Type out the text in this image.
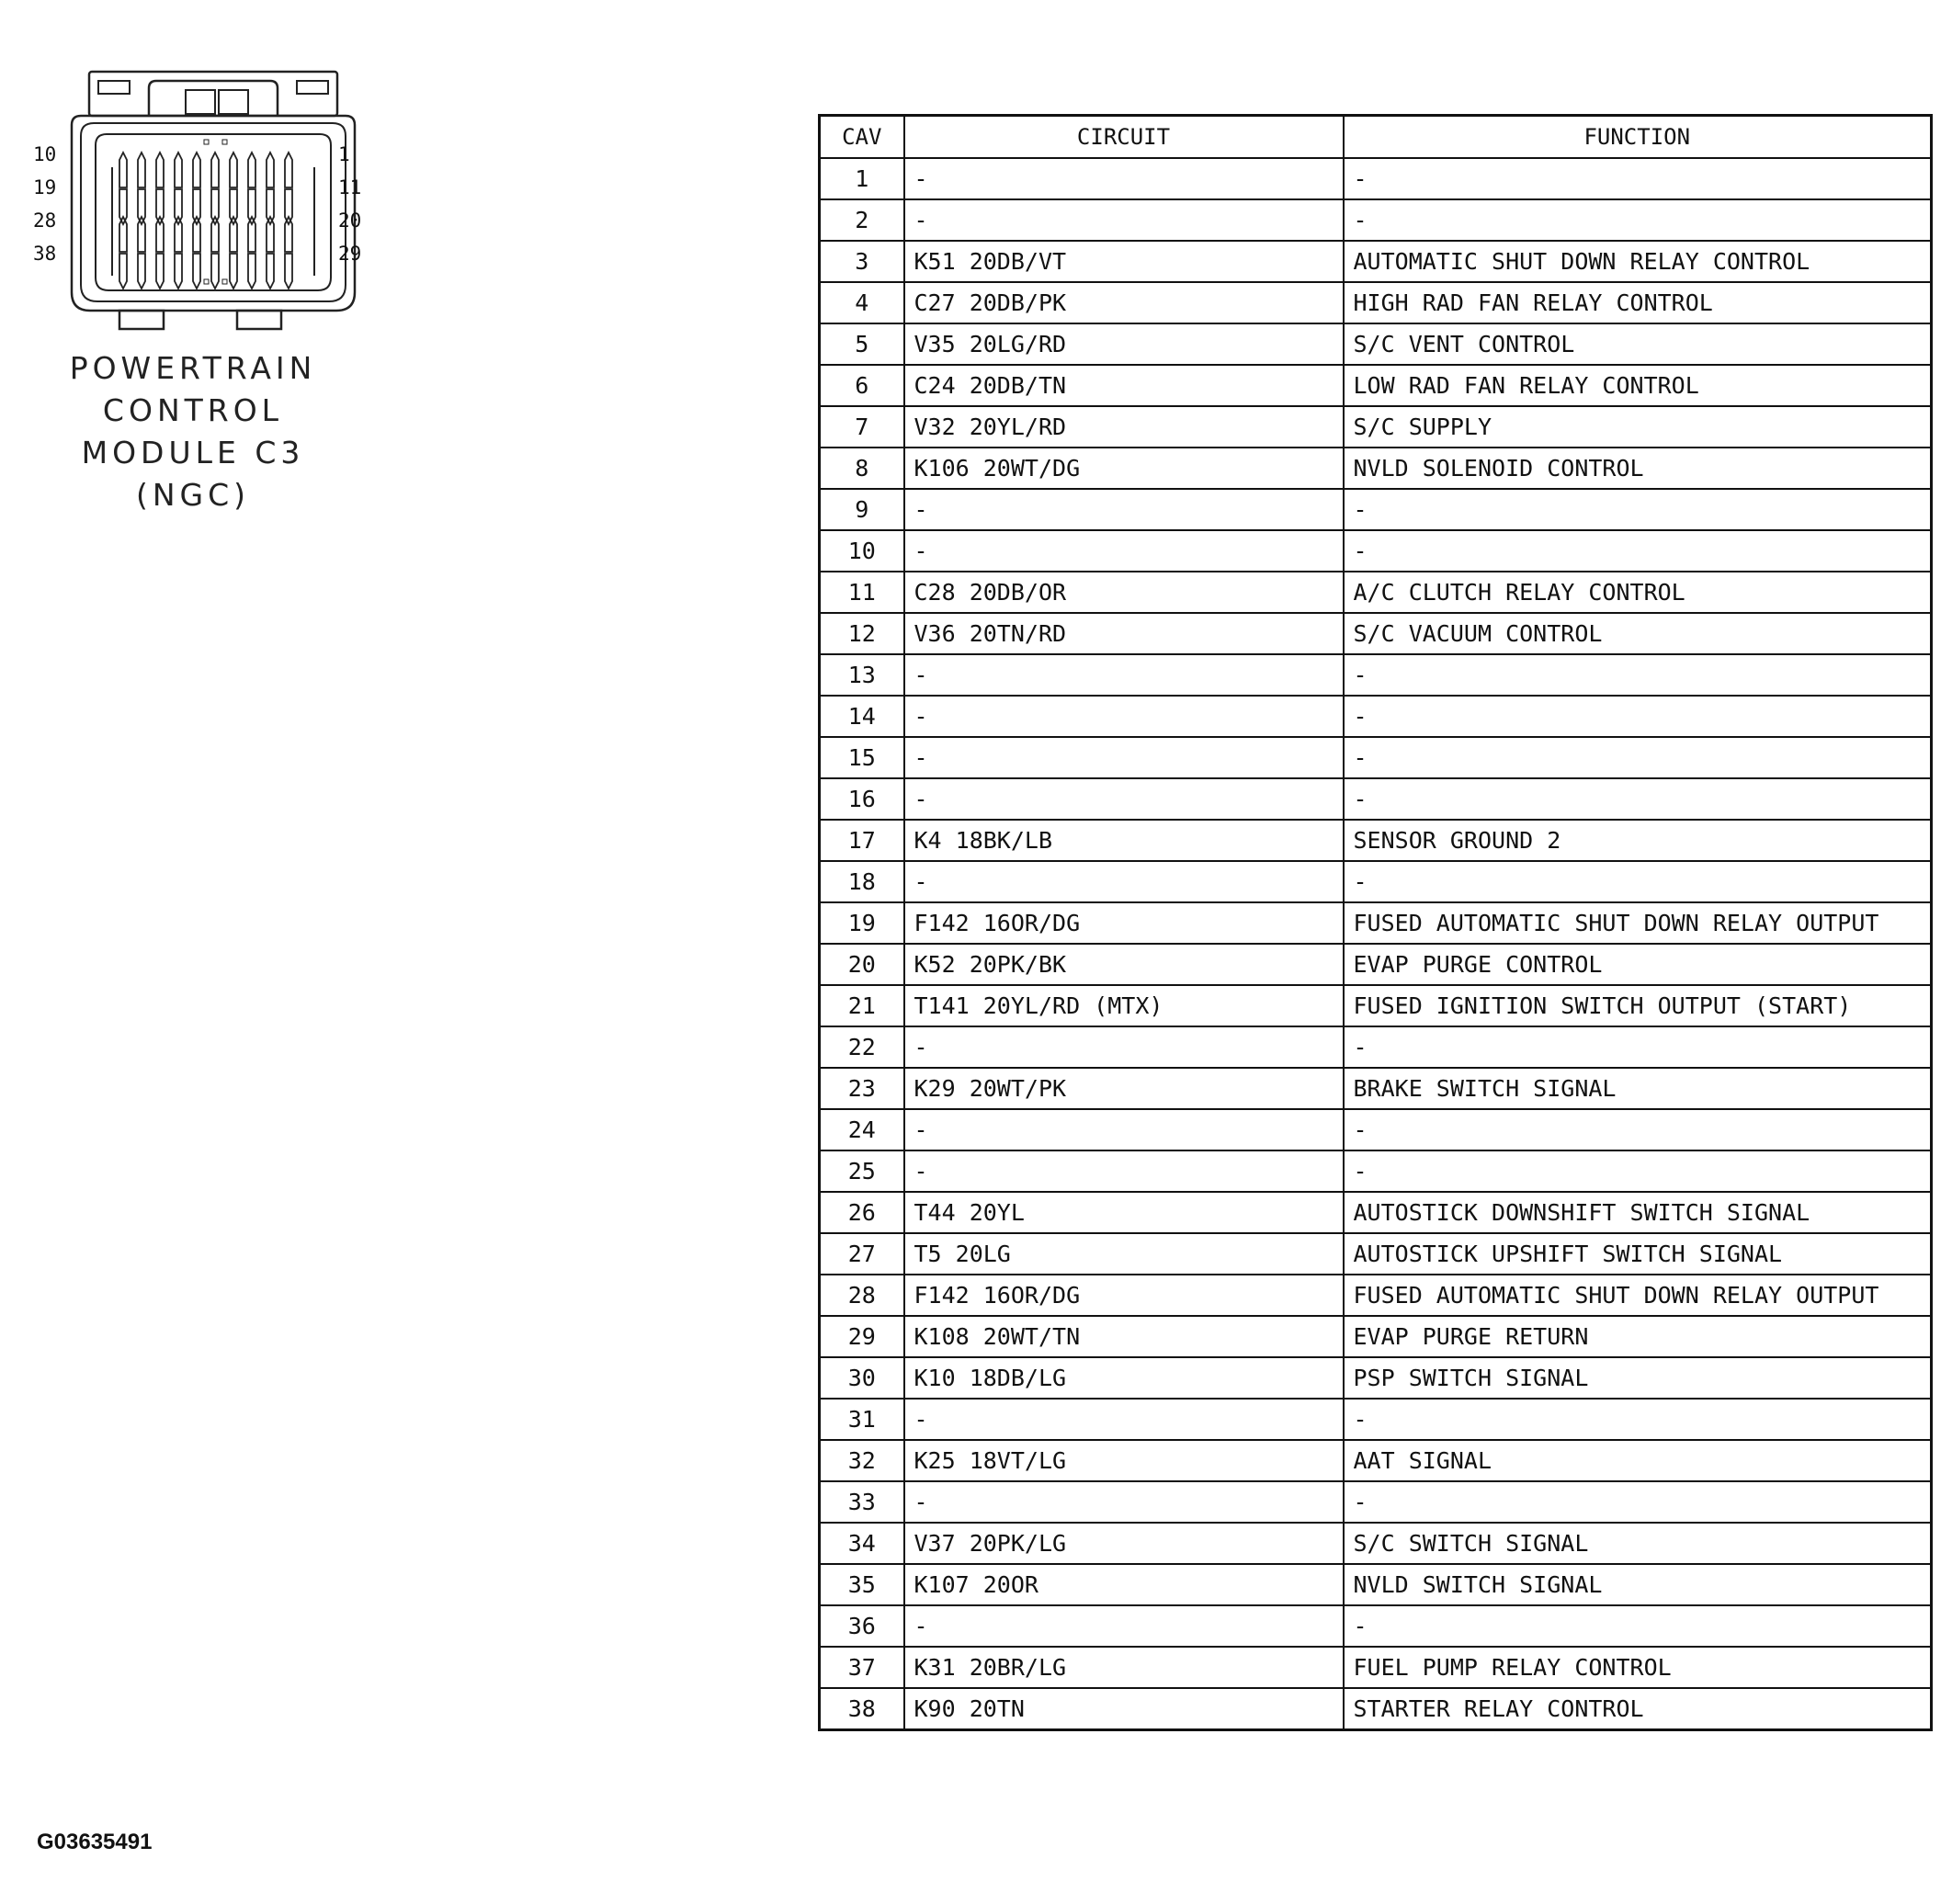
10
19
28
38
1
11
20
29
POWERTRAIN
CONTROL
MODULE C3
(NGC)
CAV	CIRCUIT	FUNCTION
1	-	-
2	-	-
3	K51 20DB/VT	AUTOMATIC SHUT DOWN RELAY CONTROL
4	C27 20DB/PK	HIGH RAD FAN RELAY CONTROL
5	V35 20LG/RD	S/C VENT CONTROL
6	C24 20DB/TN	LOW RAD FAN RELAY CONTROL
7	V32 20YL/RD	S/C SUPPLY
8	K106 20WT/DG	NVLD SOLENOID CONTROL
9	-	-
10	-	-
11	C28 20DB/OR	A/C CLUTCH RELAY CONTROL
12	V36 20TN/RD	S/C VACUUM CONTROL
13	-	-
14	-	-
15	-	-
16	-	-
17	K4 18BK/LB	SENSOR GROUND 2
18	-	-
19	F142 16OR/DG	FUSED AUTOMATIC SHUT DOWN RELAY OUTPUT
20	K52 20PK/BK	EVAP PURGE CONTROL
21	T141 20YL/RD (MTX)	FUSED IGNITION SWITCH OUTPUT (START)
22	-	-
23	K29 20WT/PK	BRAKE SWITCH SIGNAL
24	-	-
25	-	-
26	T44 20YL	AUTOSTICK DOWNSHIFT SWITCH SIGNAL
27	T5 20LG	AUTOSTICK UPSHIFT SWITCH SIGNAL
28	F142 16OR/DG	FUSED AUTOMATIC SHUT DOWN RELAY OUTPUT
29	K108 20WT/TN	EVAP PURGE RETURN
30	K10 18DB/LG	PSP SWITCH SIGNAL
31	-	-
32	K25 18VT/LG	AAT SIGNAL
33	-	-
34	V37 20PK/LG	S/C SWITCH SIGNAL
35	K107 20OR	NVLD SWITCH SIGNAL
36	-	-
37	K31 20BR/LG	FUEL PUMP RELAY CONTROL
38	K90 20TN	STARTER RELAY CONTROL
G03635491
